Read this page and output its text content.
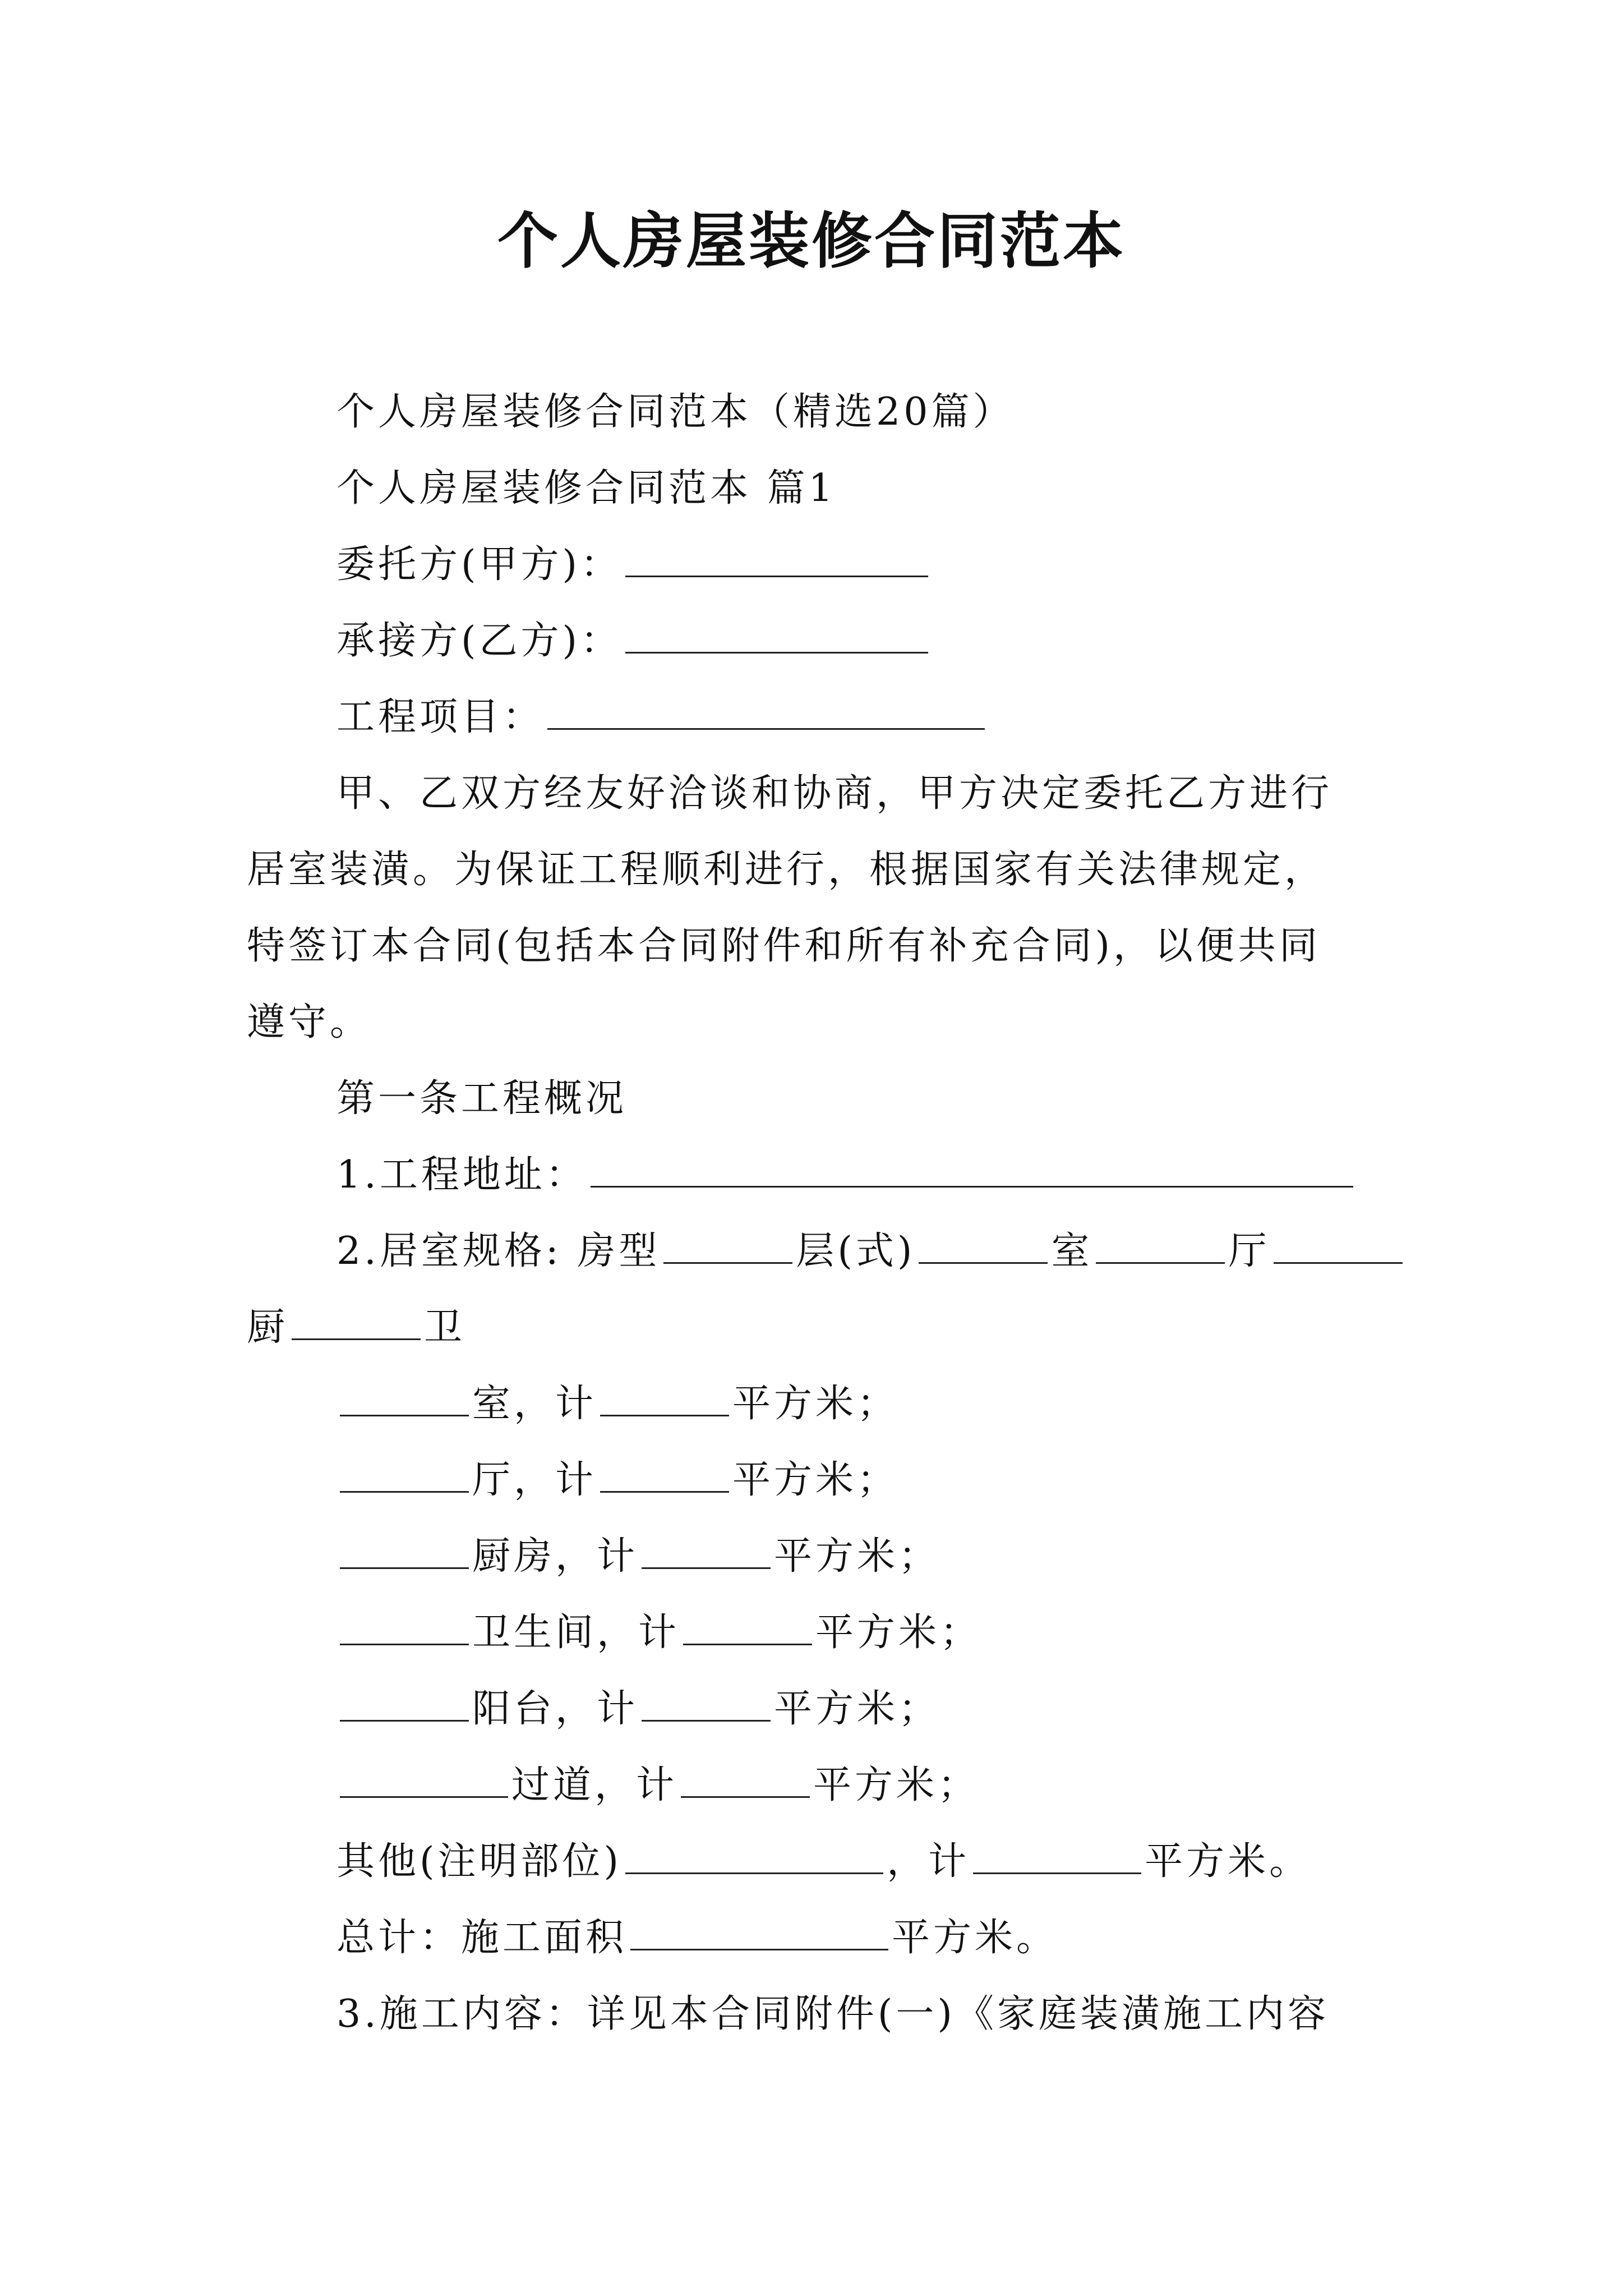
个人房屋装修合同范本
个人房屋装修合同范本（精选20篇）
个人房屋装修合同范本 篇1
委托方(甲方)：
承接方(乙方)：
工程项目：
甲、乙双方经友好洽谈和协商，甲方决定委托乙方进行
居室装潢。为保证工程顺利进行，根据国家有关法律规定，
特签订本合同(包括本合同附件和所有补充合同)，以便共同
遵守。
第一条工程概况
1.工程地址：
2.居室规格: 房型	层(式)	室	厅
厨	卫
室，计	平方米；
厅，计	平方米；
厨房，计	平方米；
卫生间，计	平方米；
阳台，计	平方米；
过道，计	平方米；
其他(注明部位)	，计	平方米。
总计：施工面积	平方米。
3.施工内容：详见本合同附件(一)《家庭装潢施工内容
